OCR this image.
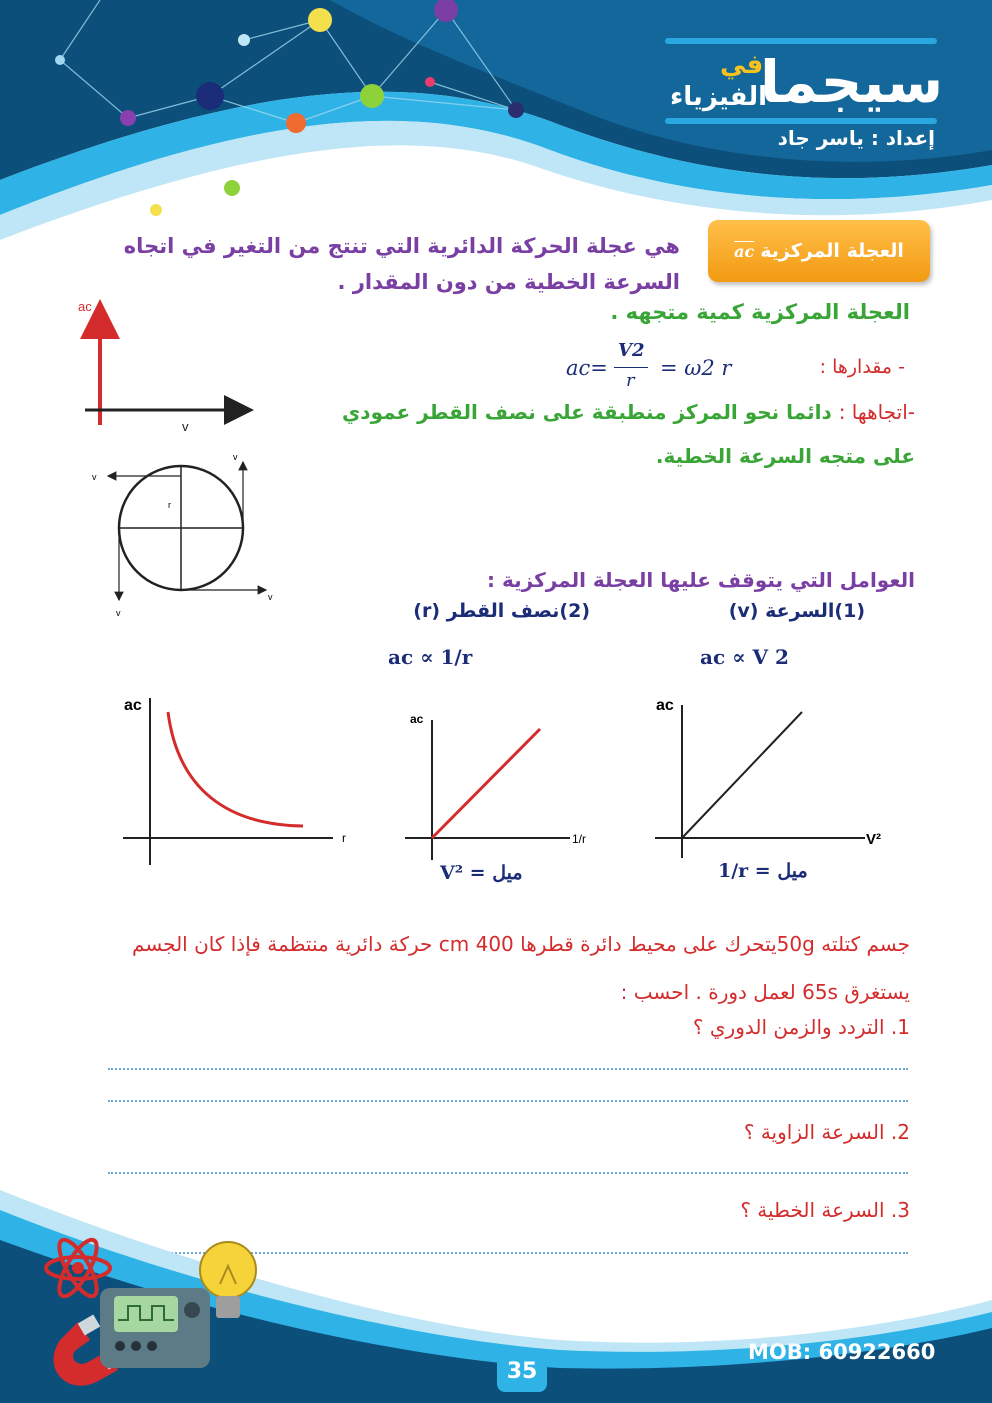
سيجما
في
الفيزياء
إعداد : ياسر جاد
العجلة المركزية
ac
هي عجلة الحركة الدائرية التي تنتج من التغير في اتجاه السرعة الخطية من دون المقدار .
ac
v
العجلة المركزية كمية متجهه .
- مقدارها :
ac=
V2
r
= ω2 r
-اتجاهها : دائما نحو المركز منطبقة على نصف القطر عمودي
على متجه السرعة الخطية.
v
v
r
v
v
العوامل التي يتوقف عليها العجلة المركزية :
(1)السرعة (v)
(2)نصف القطر (r)
ac ∝ V 2
ac ∝ 1/r
ac
r
ac
1/r
ac
V²
V² = ميل	1/r = ميل
جسم كتلته 50gيتحرك على محيط دائرة قطرها 400 cm حركة دائرية منتظمة فإذا كان الجسم يستغرق 65s لعمل دورة . احسب :
1. التردد والزمن الدوري ؟
2. السرعة الزاوية ؟
3. السرعة الخطية ؟
MOB: 60922660
35
